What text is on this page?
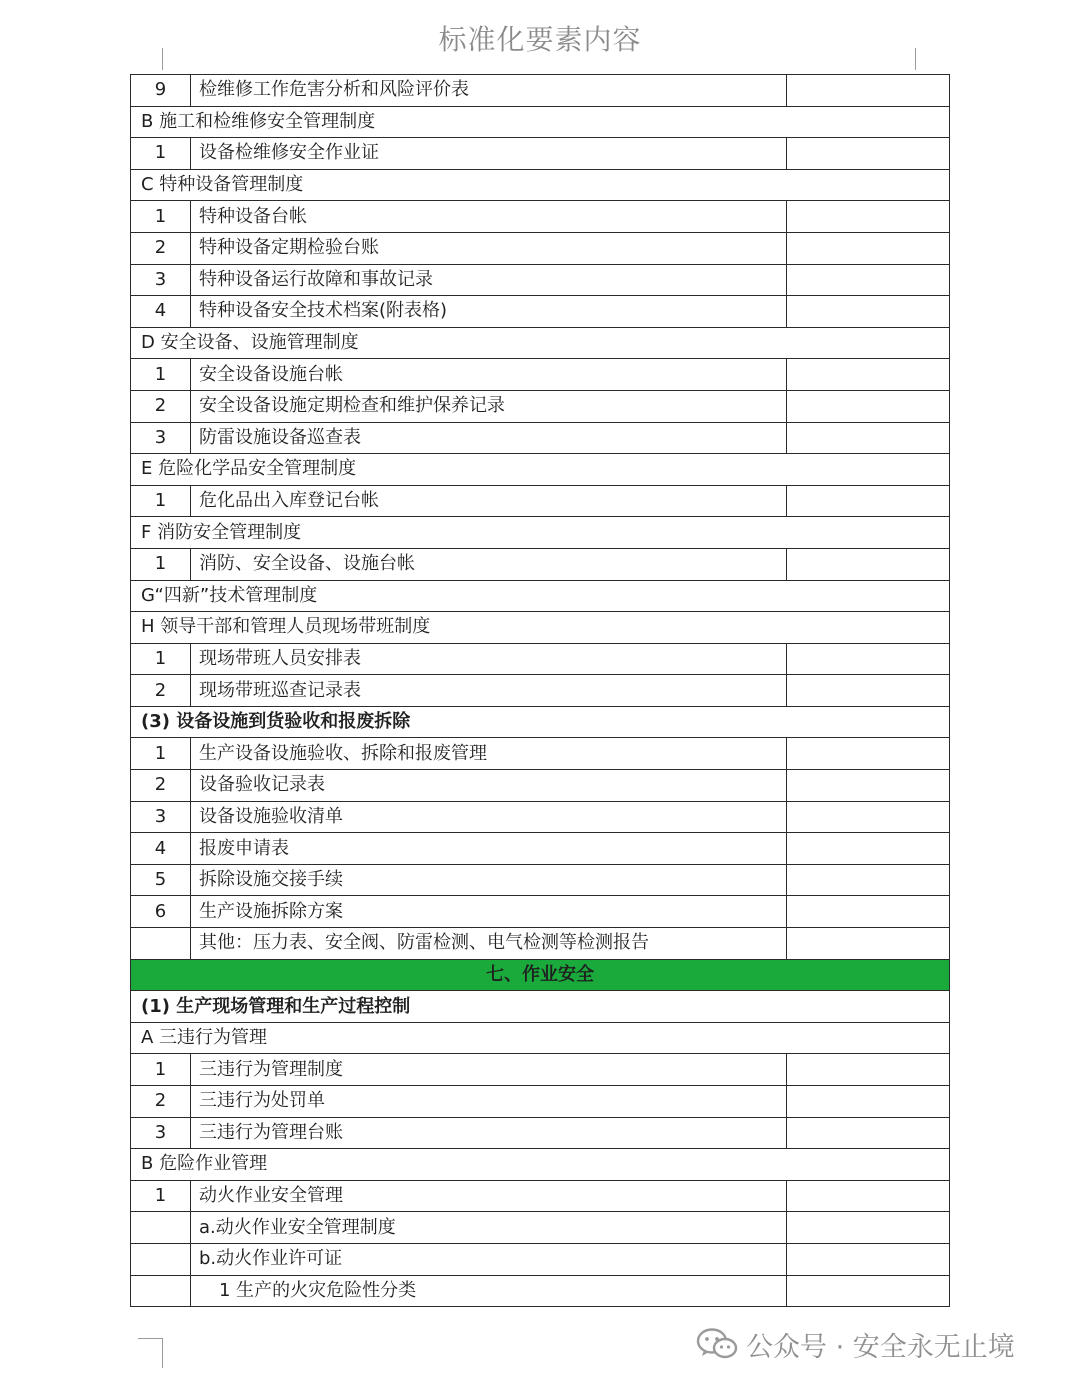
标准化要素内容
9	检维修工作危害分析和风险评价表	
B 施工和检维修安全管理制度		
1	设备检维修安全作业证	
C 特种设备管理制度		
1	特种设备台帐	
2	特种设备定期检验台账	
3	特种设备运行故障和事故记录	
4	特种设备安全技术档案(附表格)	
D 安全设备、设施管理制度		
1	安全设备设施台帐	
2	安全设备设施定期检查和维护保养记录	
3	防雷设施设备巡查表	
E 危险化学品安全管理制度		
1	危化品出入库登记台帐	
F 消防安全管理制度		
1	消防、安全设备、设施台帐	
G“四新”技术管理制度		
H 领导干部和管理人员现场带班制度		
1	现场带班人员安排表	
2	现场带班巡查记录表	
(3) 设备设施到货验收和报废拆除		
1	生产设备设施验收、拆除和报废管理	
2	设备验收记录表	
3	设备设施验收清单	
4	报废申请表	
5	拆除设施交接手续	
6	生产设施拆除方案	
	其他：压力表、安全阀、防雷检测、电气检测等检测报告	
七、作业安全		
(1) 生产现场管理和生产过程控制		
A 三违行为管理		
1	三违行为管理制度	
2	三违行为处罚单	
3	三违行为管理台账	
B 危险作业管理		
1	动火作业安全管理	
	a.动火作业安全管理制度	
	b.动火作业许可证	
	1 生产的火灾危险性分类	
公众号 · 安全永无止境
